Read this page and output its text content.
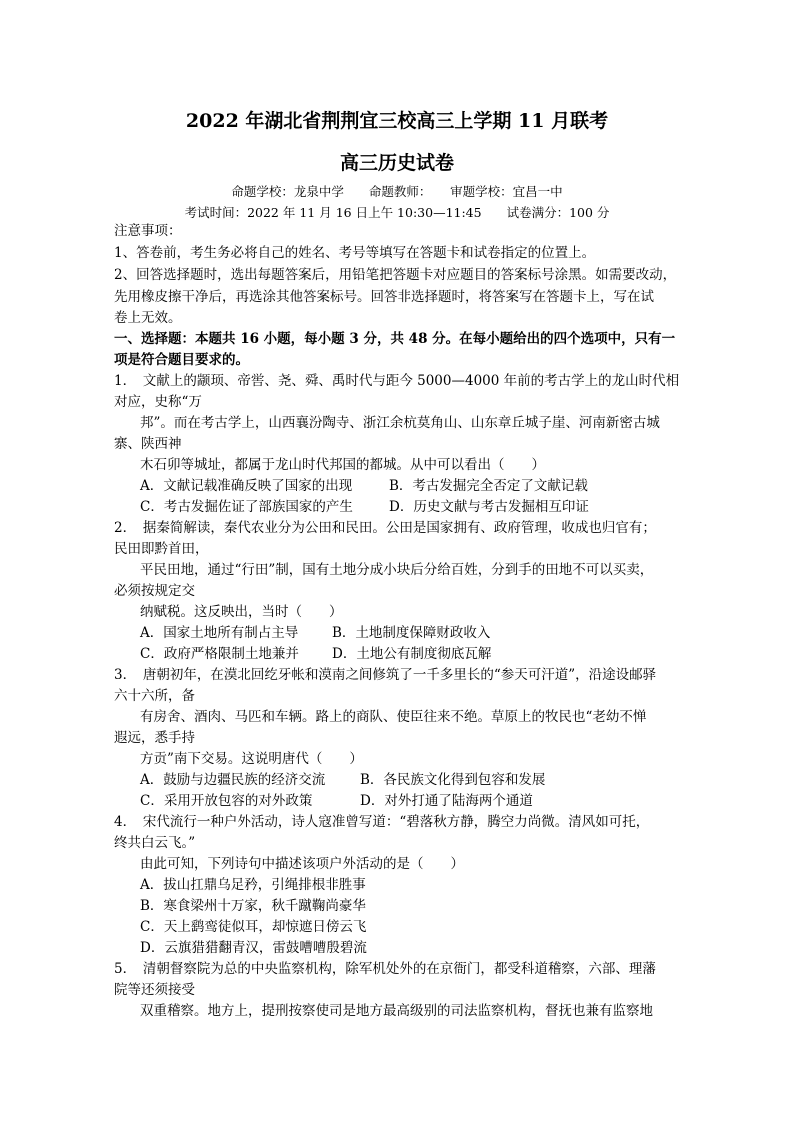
2022 年湖北省荆荆宜三校高三上学期 11 月联考
高三历史试卷
命题学校：龙泉中学　　命题教师：　　审题学校：宜昌一中
考试时间：2022 年 11 月 16 日上午 10:30—11:45　　试卷满分：100 分
注意事项：
1、答卷前，考生务必将自己的姓名、考号等填写在答题卡和试卷指定的位置上。
2、回答选择题时，选出每题答案后，用铅笔把答题卡对应题目的答案标号涂黑。如需要改动，
先用橡皮擦干净后，再选涂其他答案标号。回答非选择题时，将答案写在答题卡上，写在试
卷上无效。
一、选择题：本题共 16 小题，每小题 3 分，共 48 分。在每小题给出的四个选项中，只有一
项是符合题目要求的。
1．　文献上的颛顼、帝喾、尧、舜、禹时代与距今 5000—4000 年前的考古学上的龙山时代相
对应，史称“万
邦”。而在考古学上，山西襄汾陶寺、浙江余杭莫角山、山东章丘城子崖、河南新密古城
寨、陕西神
木石卯等城址，都属于龙山时代邦国的都城。从中可以看出（　　）
A．文献记载准确反映了国家的出现	B．考古发掘完全否定了文献记载
C．考古发掘佐证了部族国家的产生	D．历史文献与考古发掘相互印证
2．　据秦简解读，秦代农业分为公田和民田。公田是国家拥有、政府管理，收成也归官有；
民田即黔首田，
平民田地，通过“行田”制，国有土地分成小块后分给百姓，分到手的田地不可以买卖，
必须按规定交
纳赋税。这反映出，当时（　　）
A．国家土地所有制占主导	B．土地制度保障财政收入
C．政府严格限制土地兼并 D．土地公有制度彻底瓦解
3．　唐朝初年，在漠北回纥牙帐和漠南之间修筑了一千多里长的“参天可汗道”，沿途设邮驿
六十六所，备
有房舍、酒肉、马匹和车辆。路上的商队、使臣往来不绝。草原上的牧民也“老幼不惮
遐远，悉手持
方贡”南下交易。这说明唐代（　　）
A．鼓励与边疆民族的经济交流	B．各民族文化得到包容和发展
C．采用开放包容的对外政策	D．对外打通了陆海两个通道
4．　宋代流行一种户外活动，诗人寇准曾写道：“碧落秋方静，腾空力尚微。清风如可托，
终共白云飞。”
由此可知，下列诗句中描述该项户外活动的是（　　）
A．拔山扛鼎乌足矜，引绳排根非胜事
B．寒食梁州十万家，秋千蹴鞠尚豪华
C．天上鹞鸾徒似耳，却惊遮日傍云飞
D．云旗猎猎翻青汉，雷鼓嘈嘈殷碧流
5．　清朝督察院为总的中央监察机构，除军机处外的在京衙门，都受科道稽察，六部、理藩
院等还须接受
双重稽察。地方上，提刑按察使司是地方最高级别的司法监察机构，督抚也兼有监察地
